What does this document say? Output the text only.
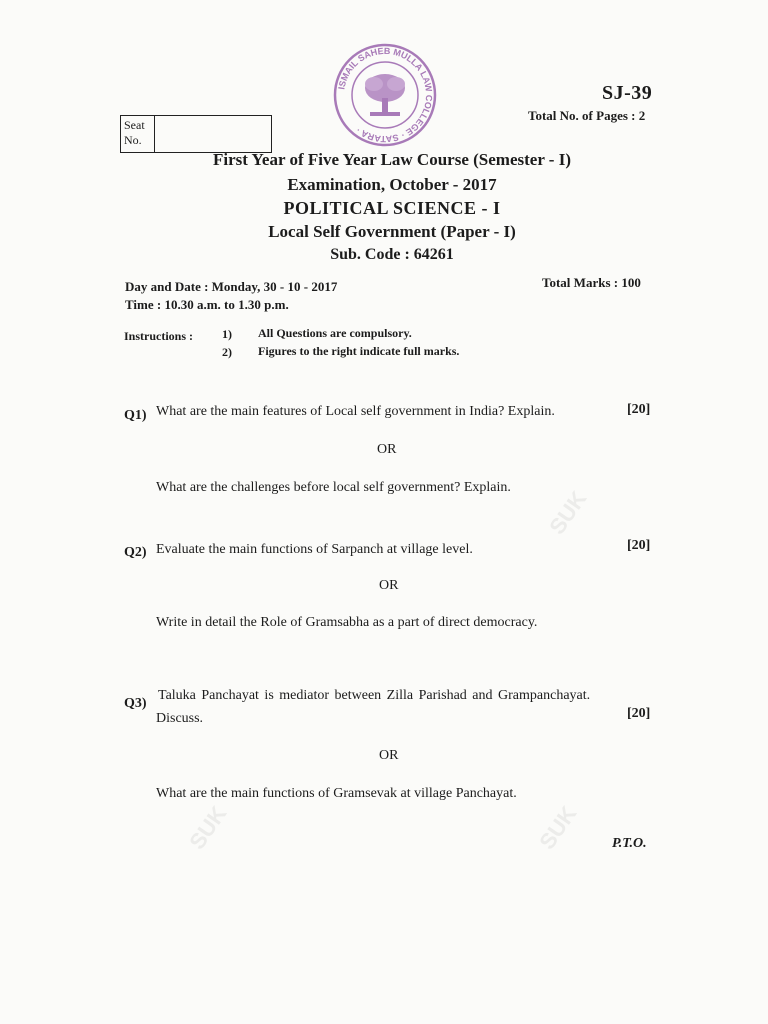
SUK
SUK	SUK
ISMAIL SAHEB MULLA LAW COLLEGE · SATARA ·
SJ-39
Total No. of Pages : 2
Seat
No.
First Year of Five Year Law Course (Semester - I)
Examination, October - 2017
POLITICAL SCIENCE - I
Local Self Government (Paper - I)
Sub. Code : 64261
Day and Date : Monday, 30 - 10 - 2017
Time : 10.30 a.m. to 1.30 p.m.
Total Marks : 100
Instructions : 1) All Questions are compulsory.
2) Figures to the right indicate full marks.
Q1) What are the main features of Local self government in India? Explain.	[20]
OR
What are the challenges before local self government? Explain.
Q2) Evaluate the main functions of Sarpanch at village level.	[20]
OR
Write in detail the Role of Gramsabha as a part of direct democracy.
Q3)
Taluka Panchayat is mediator between Zilla Parishad and Grampanchayat.
Discuss.	[20]
OR
What are the main functions of Gramsevak at village Panchayat.
P.T.O.
